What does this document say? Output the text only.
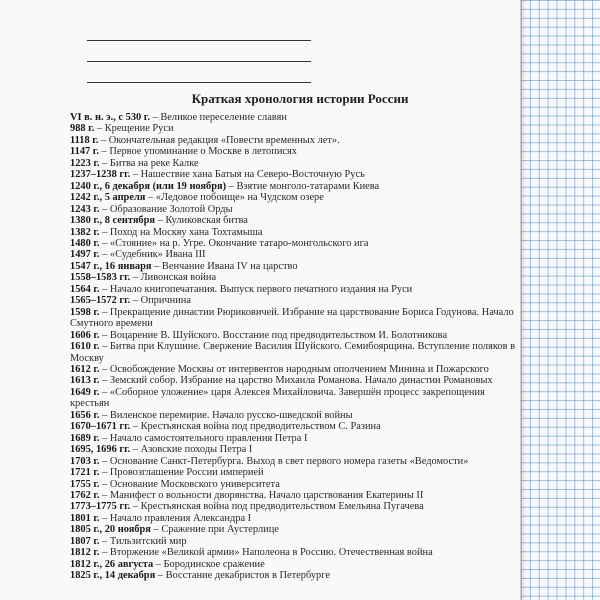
Краткая хронология истории России
VI в. н. э., с 530 г. – Великое переселение славян
988 г. – Крещение Руси
1118 г. – Окончательная редакция «Повести временных лет».
1147 г. – Первое упоминание о Москве в летописях
1223 г. – Битва на реке Калке
1237–1238 гг. – Нашествие хана Батыя на Северо-Восточную Русь
1240 г., 6 декабря (или 19 ноября) – Взятие монголо-татарами Киева
1242 г., 5 апреля – «Ледовое побоище» на Чудском озере
1243 г. – Образование Золотой Орды
1380 г., 8 сентября – Куликовская битва
1382 г. – Поход на Москву хана Тохтамыша
1480 г. – «Стояние» на р. Угре. Окончание татаро-монгольского ига
1497 г. – «Судебник» Ивана III
1547 г., 16 января – Венчание Ивана IV на царство
1558–1583 гг. – Ливонская война
1564 г. – Начало книгопечатания. Выпуск первого печатного издания на Руси
1565–1572 гг. – Опричнина
1598 г. – Прекращение династии Рюриковичей. Избрание на царствование Бориса Годунова. Начало Смутного времени
1606 г. – Воцарение В. Шуйского. Восстание под предводительством И. Болотникова
1610 г. – Битва при Клушине. Свержение Василия Шуйского. Семибоярщина. Вступление поляков в Москву
1612 г. – Освобождение Москвы от интервентов народным ополчением Минина и Пожарского
1613 г. – Земский собор. Избрание на царство Михаила Романова. Начало династии Романовых
1649 г. – «Соборное уложение» царя Алексея Михайловича. Завершён процесс закрепощения крестьян
1656 г. – Виленское перемирие. Начало русско-шведской войны
1670–1671 гг. – Крестьянская война под предводительством С. Разина
1689 г. – Начало самостоятельного правления Петра I
1695, 1696 гг. – Азовские походы Петра I
1703 г. – Основание Санкт-Петербурга. Выход в свет первого номера газеты «Ведомости»
1721 г. – Провозглашение России империей
1755 г. – Основание Московского университета
1762 г. – Манифест о вольности дворянства. Начало царствования Екатерины II
1773–1775 гг. – Крестьянская война под предводительством Емельяна Пугачева
1801 г. – Начало правления Александра I
1805 г., 20 ноября – Сражение при Аустерлице
1807 г. – Тильзитский мир
1812 г. – Вторжение «Великой армии» Наполеона в Россию. Отечественная война
1812 г., 26 августа – Бородинское сражение
1825 г., 14 декабря – Восстание декабристов в Петербурге
